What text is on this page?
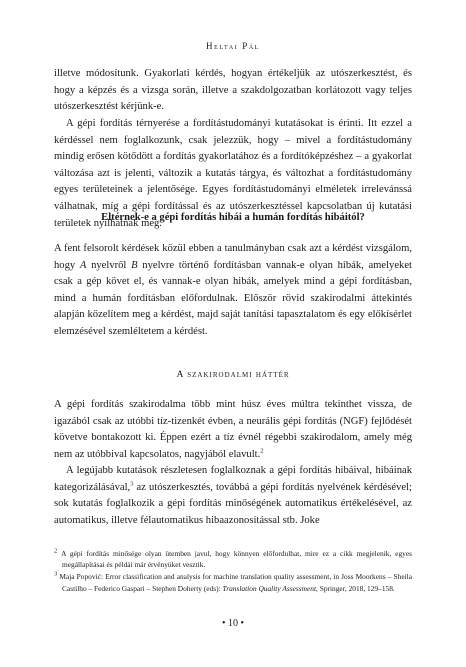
Heltai Pál

illetve módosítunk. Gyakorlati kérdés, hogyan értékeljük az utószerkesztést, és hogy a képzés és a vizsga során, illetve a szakdolgozatban korlátozott vagy teljes utószerkesztést kérjünk-e.

A gépi fordítás térnyerése a fordítástudományi kutatásokat is érinti. Itt ezzel a kérdéssel nem foglalkozunk, csak jelezzük, hogy – mivel a fordítástudomány mindig erősen kötődött a fordítás gyakorlatához és a fordítóképzéshez – a gyakorlat változása azt is jelenti, változik a kutatás tárgya, és változhat a fordítástudomány egyes területeinek a jelentősége. Egyes fordítástudományi elméletek irrelevánssá válhatnak, míg a gépi fordítással és az utószerkesztéssel kapcsolatban új kutatási területek nyílhatnak meg.

Eltérnek-e a gépi fordítás hibái a humán fordítás hibáitól?

A fent felsorolt kérdések közül ebben a tanulmányban csak azt a kérdést vizsgálom, hogy A nyelvről B nyelvre történő fordításban vannak-e olyan hibák, amelyeket csak a gép követ el, és vannak-e olyan hibák, amelyek mind a gépi fordításban, mind a humán fordításban előfordulnak. Először rövid szakirodalmi áttekintés alapján közelítem meg a kérdést, majd saját tanítási tapasztalatom és egy előkísérlet elemzésével szemléltetem a kérdést.

A szakirodalmi háttér

A gépi fordítás szakirodalma több mint húsz éves múltra tekinthet vissza, de igazából csak az utóbbi tíz-tizenkét évben, a neurális gépi fordítás (NGF) fejlődését követve bontakozott ki. Éppen ezért a tíz évnél régebbi szakirodalom, amely még nem az utóbbival kapcsolatos, nagyjából elavult.$^2$

A legújabb kutatások részletesen foglalkoznak a gépi fordítás hibáival, hibáinak kategorizálásával,$^3$ az utószerkesztés, továbbá a gépi fordítás nyelvének kérdésével; sok kutatás foglalkozik a gépi fordítás minőségének automatikus értékelésével, az automatikus, illetve félautomatikus hibaazonosítással stb. Joke

$^2$ A gépi fordítás minősége olyan ütemben javul, hogy könnyen előfordulhat, mire ez a cikk megjelenik, egyes megállapításai és példái már érvényüket vesztik.

$^3$ Maja Popović: Error classification and analysis for machine translation quality assessment, in Joss Moorkens – Sheila Castilho – Federico Gaspari – Stephen Doherty (eds): Translation Quality Assessment, Springer, 2018, 129–158.

• 10 •
